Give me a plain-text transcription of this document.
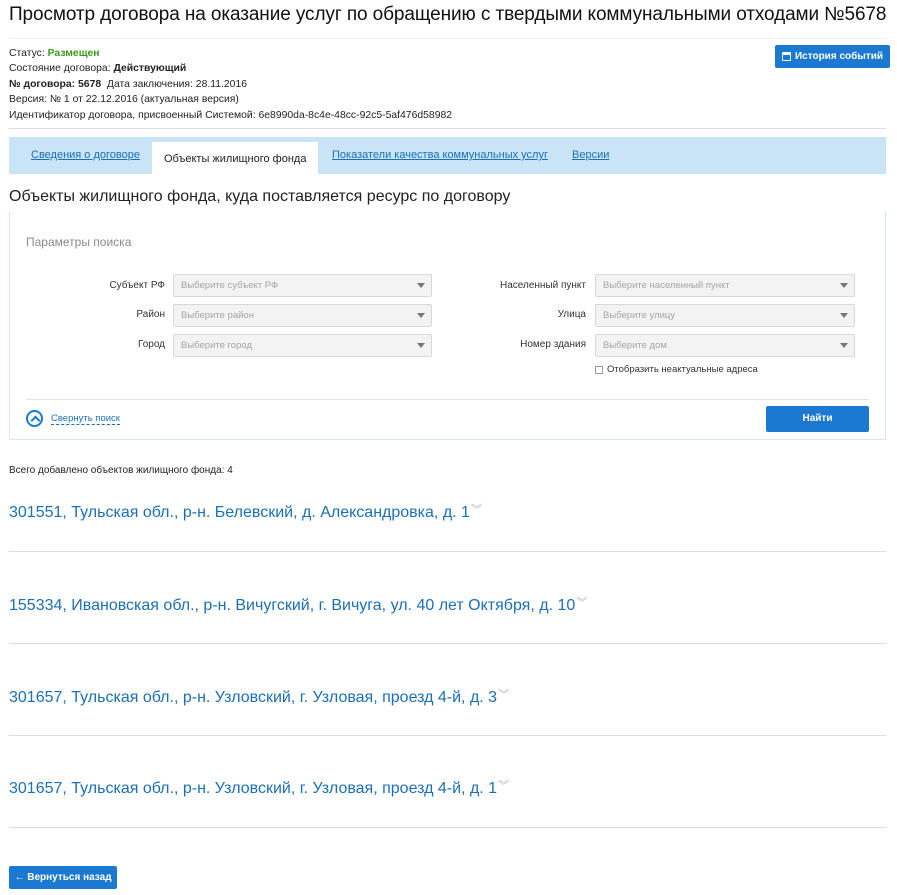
Просмотр договора на оказание услуг по обращению с твердыми коммунальными отходами №5678
Статус: Размещен
Состояние договора: Действующий
№ договора: 5678 Дата заключения: 28.11.2016
Версия: № 1 от 22.12.2016 (актуальная версия)
Идентификатор договора, присвоенный Системой: 6e8990da-8c4e-48cc-92c5-5af476d58982
История событий
Сведения о договоре	Объекты жилищного фонда	Показатели качества коммунальных услуг Версии
Объекты жилищного фонда, куда поставляется ресурс по договору
Параметры поиска
Субъект РФ	Выберите субъект РФ
Район	Выберите район
Город	Выберите город
Населенный пункт	Выберите населенный пункт
Улица	Выберите улицу
Номер здания	Выберите дом
Отобразить неактуальные адреса
Свернуть поиск	Найти
Всего добавлено объектов жилищного фонда: 4
301551, Тульская обл., р-н. Белевский, д. Александровка, д. 1︾
155334, Ивановская обл., р-н. Вичугский, г. Вичуга, ул. 40 лет Октября, д. 10︾
301657, Тульская обл., р-н. Узловский, г. Узловая, проезд 4-й, д. 3︾
301657, Тульская обл., р-н. Узловский, г. Узловая, проезд 4-й, д. 1︾
← Вернуться назад
